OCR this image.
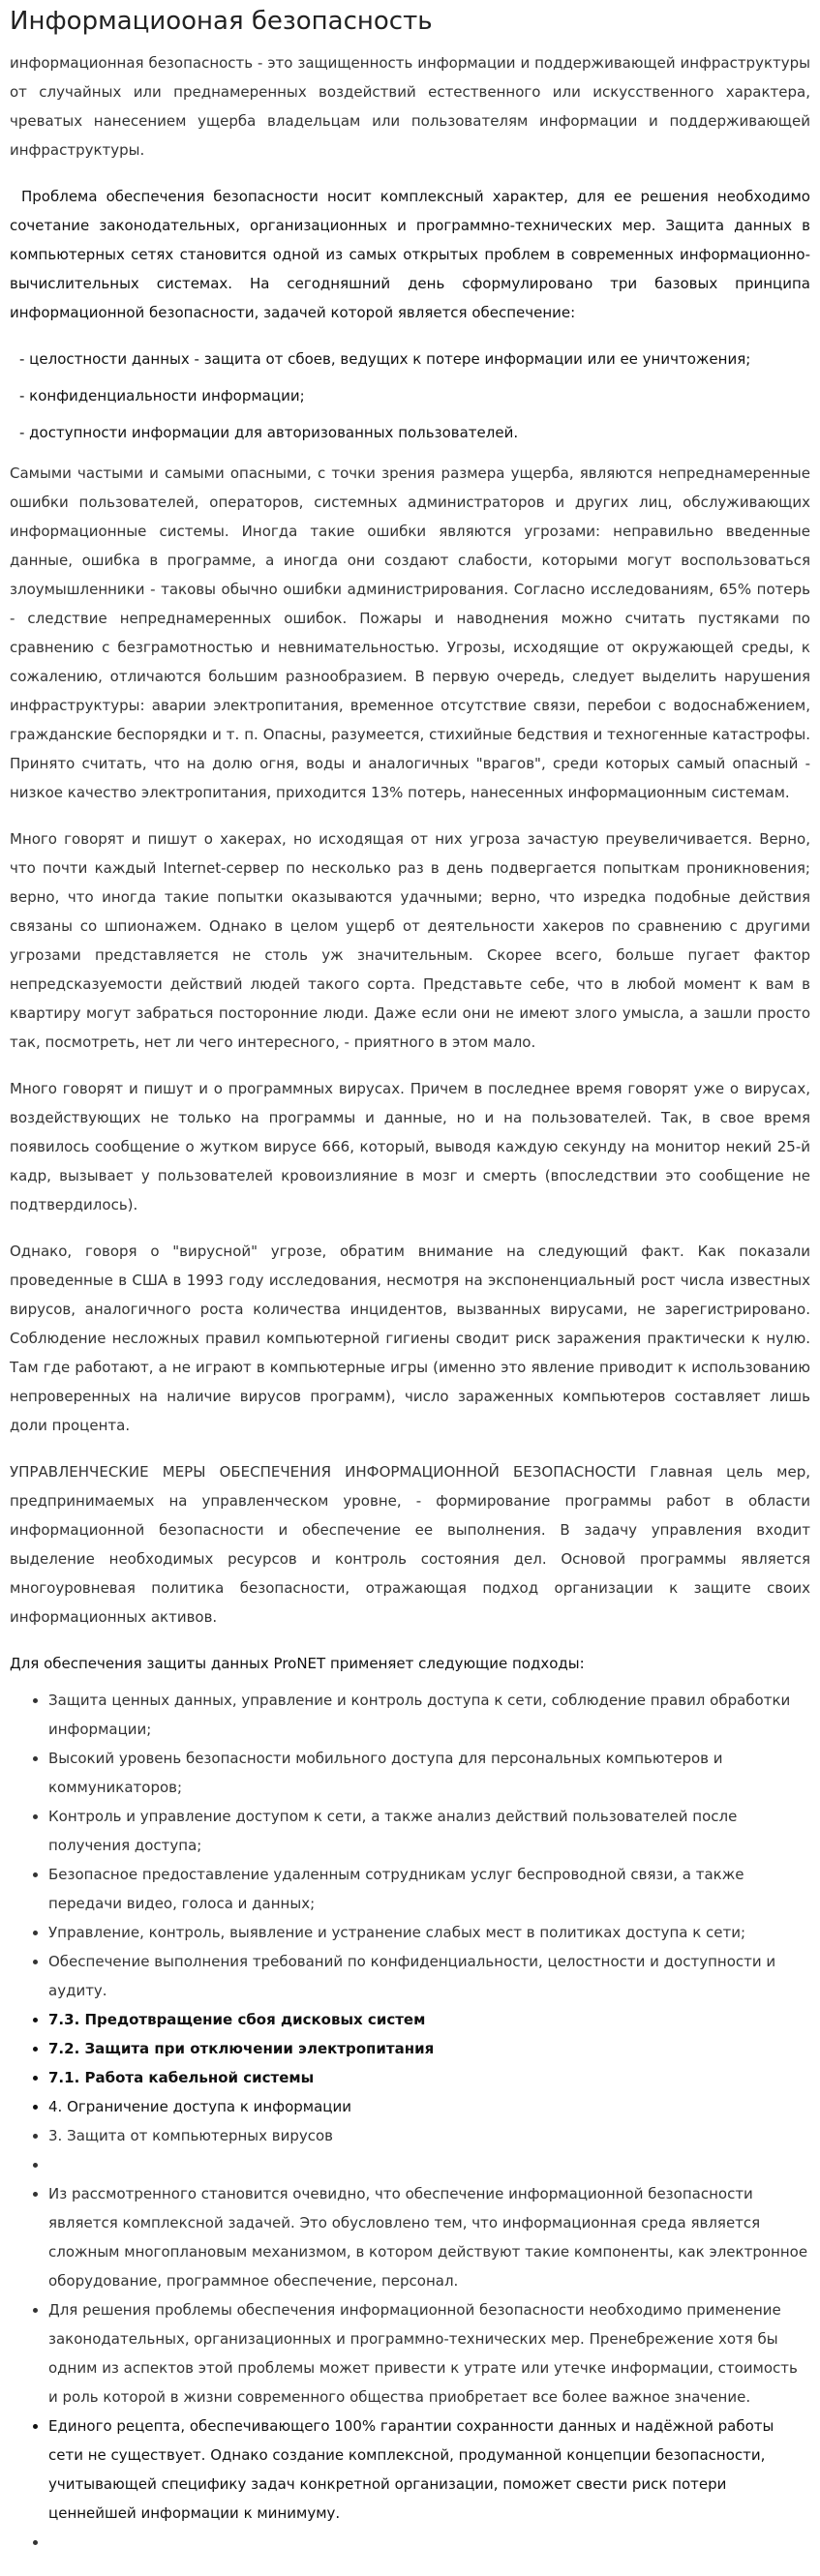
Информациооная безопасность

информационная безопасность - это защищенность информации и поддерживающей инфраструктуры от случайных или преднамеренных воздействий естественного или искусственного характера, чреватых нанесением ущерба владельцам или пользователям информации и поддерживающей инфраструктуры.

Проблема обеспечения безопасности носит комплексный характер, для ее решения необходимо сочетание законодательных, организационных и программно-технических мер. Защита данных в компьютерных сетях становится одной из самых открытых проблем в современных информационно-вычислительных системах. На сегодняшний день сформулировано три базовых принципа информационной безопасности, задачей которой является обеспечение:

- целостности данных - защита от сбоев, ведущих к потере информации или ее уничтожения;
- конфиденциальности информации;
- доступности информации для авторизованных пользователей.

Самыми частыми и самыми опасными, с точки зрения размера ущерба, являются непреднамеренные ошибки пользователей, операторов, системных администраторов и других лиц, обслуживающих информационные системы. Иногда такие ошибки являются угрозами: неправильно введенные данные, ошибка в программе, а иногда они создают слабости, которыми могут воспользоваться злоумышленники - таковы обычно ошибки администрирования. Согласно исследованиям, 65% потерь - следствие непреднамеренных ошибок. Пожары и наводнения можно считать пустяками по сравнению с безграмотностью и невнимательностью. Угрозы, исходящие от окружающей среды, к сожалению, отличаются большим разнообразием. В первую очередь, следует выделить нарушения инфраструктуры: аварии электропитания, временное отсутствие связи, перебои с водоснабжением, гражданские беспорядки и т. п. Опасны, разумеется, стихийные бедствия и техногенные катастрофы. Принято считать, что на долю огня, воды и аналогичных "врагов", среди которых самый опасный - низкое качество электропитания, приходится 13% потерь, нанесенных информационным системам.

Много говорят и пишут о хакерах, но исходящая от них угроза зачастую преувеличивается. Верно, что почти каждый Internet-сервер по несколько раз в день подвергается попыткам проникновения; верно, что иногда такие попытки оказываются удачными; верно, что изредка подобные действия связаны со шпионажем. Однако в целом ущерб от деятельности хакеров по сравнению с другими угрозами представляется не столь уж значительным. Скорее всего, больше пугает фактор непредсказуемости действий людей такого сорта. Представьте себе, что в любой момент к вам в квартиру могут забраться посторонние люди. Даже если они не имеют злого умысла, а зашли просто так, посмотреть, нет ли чего интересного, - приятного в этом мало.

Много говорят и пишут и о программных вирусах. Причем в последнее время говорят уже о вирусах, воздействующих не только на программы и данные, но и на пользователей. Так, в свое время появилось сообщение о жутком вирусе 666, который, выводя каждую секунду на монитор некий 25-й кадр, вызывает у пользователей кровоизлияние в мозг и смерть (впоследствии это сообщение не подтвердилось).

Однако, говоря о "вирусной" угрозе, обратим внимание на следующий факт. Как показали проведенные в США в 1993 году исследования, несмотря на экспоненциальный рост числа известных вирусов, аналогичного роста количества инцидентов, вызванных вирусами, не зарегистрировано. Соблюдение несложных правил компьютерной гигиены сводит риск заражения практически к нулю. Там где работают, а не играют в компьютерные игры (именно это явление приводит к использованию непроверенных на наличие вирусов программ), число зараженных компьютеров составляет лишь доли процента.

УПРАВЛЕНЧЕСКИЕ МЕРЫ ОБЕСПЕЧЕНИЯ ИНФОРМАЦИОННОЙ БЕЗОПАСНОСТИ Главная цель мер, предпринимаемых на управленческом уровне, - формирование программы работ в области информационной безопасности и обеспечение ее выполнения. В задачу управления входит выделение необходимых ресурсов и контроль состояния дел. Основой программы является многоуровневая политика безопасности, отражающая подход организации к защите своих информационных активов.

Для обеспечения защиты данных ProNET применяет следующие подходы:
• Защита ценных данных, управление и контроль доступа к сети, соблюдение правил обработки информации;
• Высокий уровень безопасности мобильного доступа для персональных компьютеров и коммуникаторов;
• Контроль и управление доступом к сети, а также анализ действий пользователей после получения доступа;
• Безопасное предоставление удаленным сотрудникам услуг беспроводной связи, а также передачи видео, голоса и данных;
• Управление, контроль, выявление и устранение слабых мест в политиках доступа к сети;
• Обеспечение выполнения требований по конфиденциальности, целостности и доступности и аудиту.
• 7.3. Предотвращение сбоя дисковых систем
• 7.2. Защита при отключении электропитания
• 7.1. Работа кабельной системы
• 4. Ограничение доступа к информации
• 3. Защита от компьютерных вирусов
•
• Из рассмотренного становится очевидно, что обеспечение информационной безопасности является комплексной задачей. Это обусловлено тем, что информационная среда является сложным многоплановым механизмом, в котором действуют такие компоненты, как электронное оборудование, программное обеспечение, персонал.
• Для решения проблемы обеспечения информационной безопасности необходимо применение законодательных, организационных и программно-технических мер. Пренебрежение хотя бы одним из аспектов этой проблемы может привести к утрате или утечке информации, стоимость и роль которой в жизни современного общества приобретает все более важное значение.
• Единого рецепта, обеспечивающего 100% гарантии сохранности данных и надёжной работы сети не существует. Однако создание комплексной, продуманной концепции безопасности, учитывающей специфику задач конкретной организации, поможет свести риск потери ценнейшей информации к минимуму.
•
